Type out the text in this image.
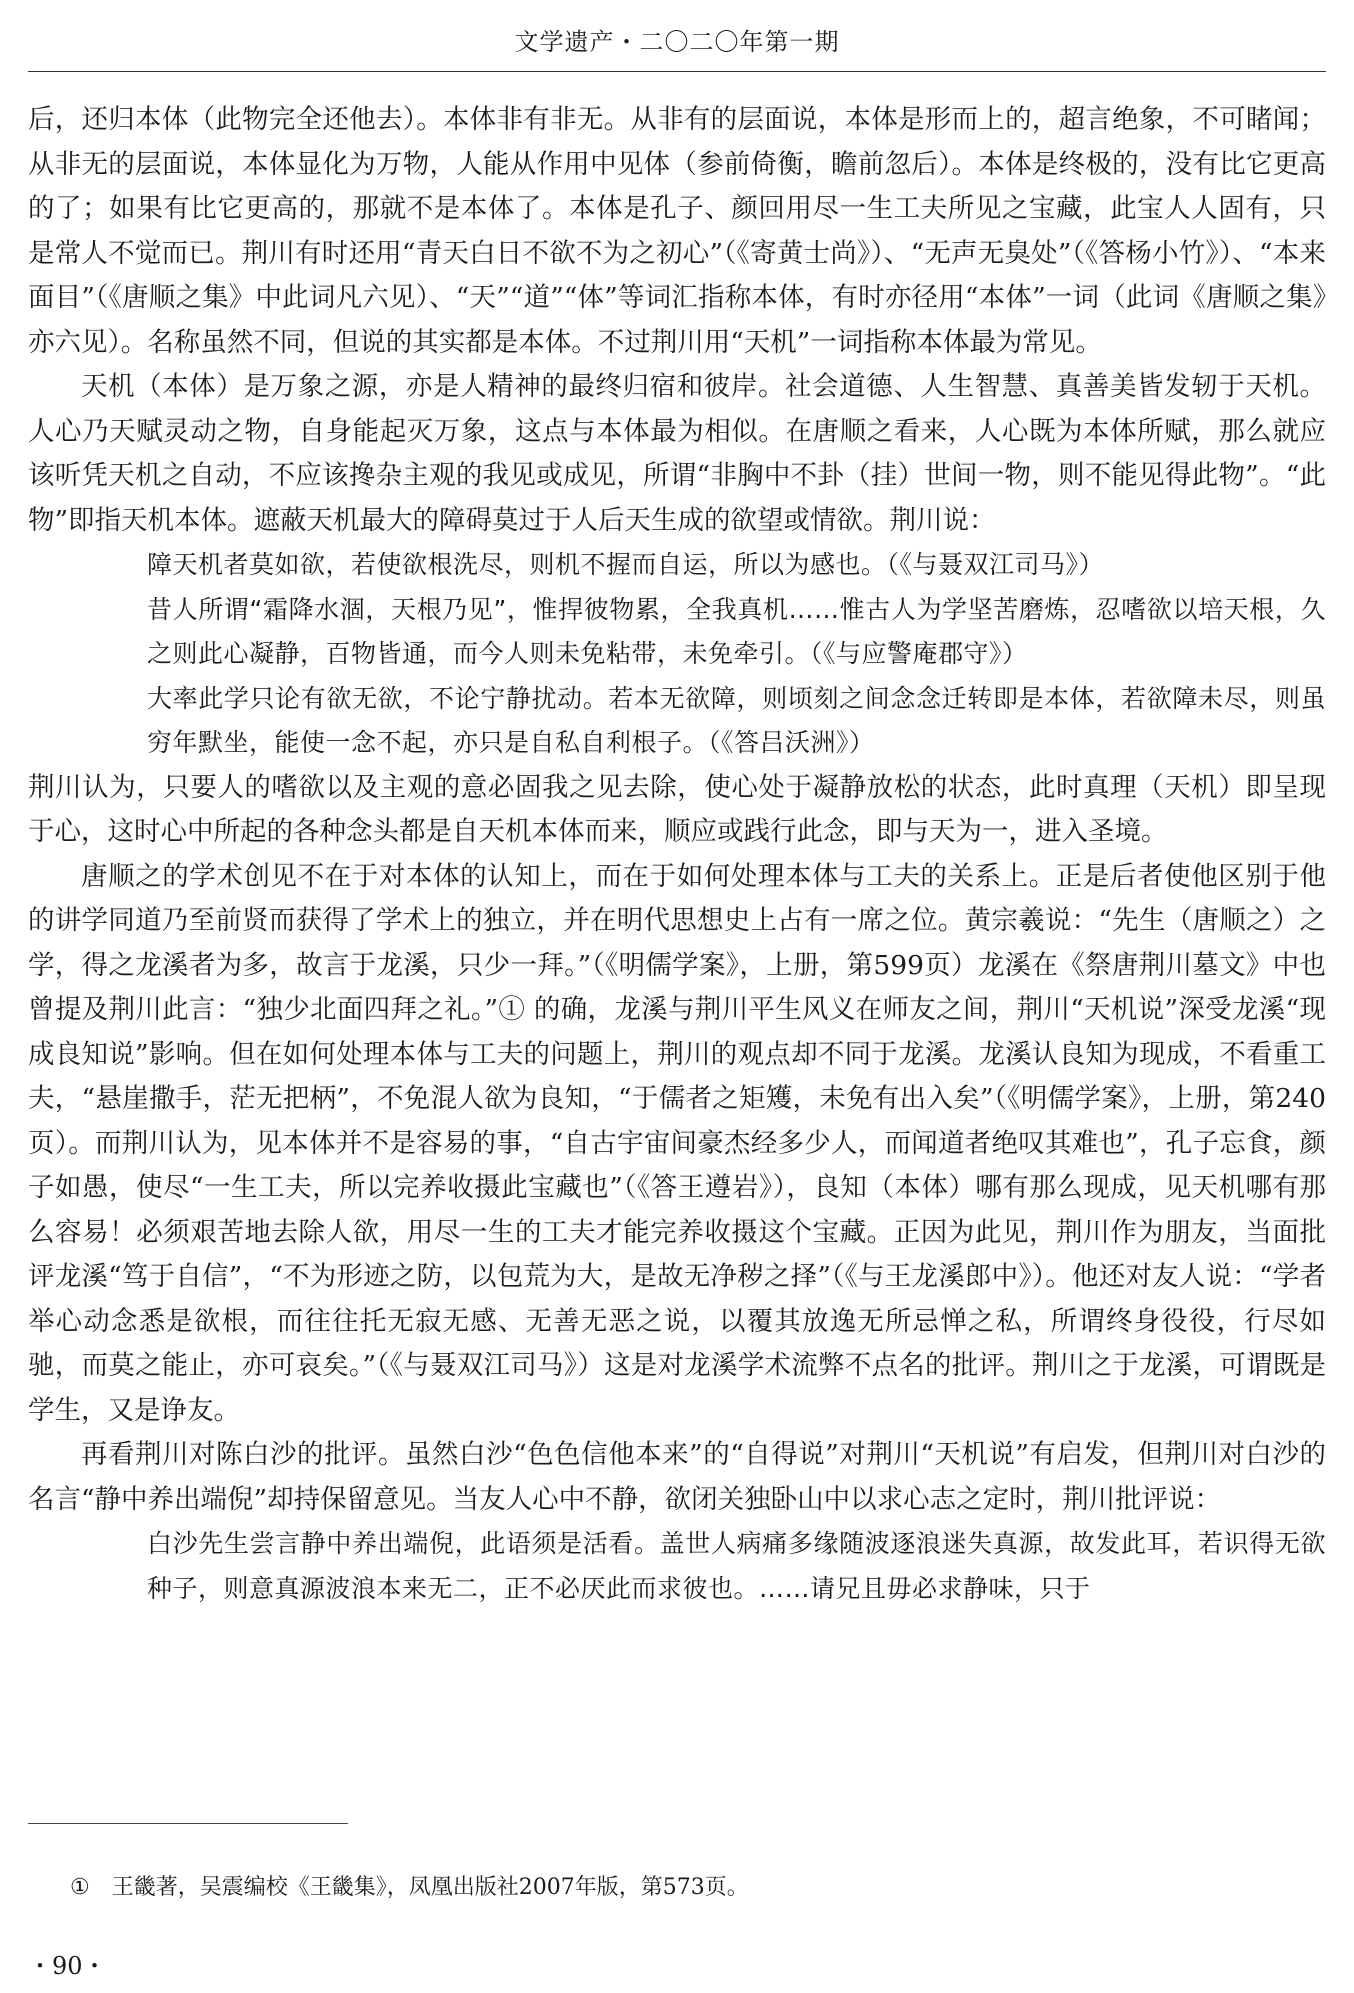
文学遗产・二〇二〇年第一期

后，还归本体（此物完全还他去）。本体非有非无。从非有的层面说，本体是形而上的，超言绝象，不可睹闻；从非无的层面说，本体显化为万物，人能从作用中见体（参前倚衡，瞻前忽后）。本体是终极的，没有比它更高的了；如果有比它更高的，那就不是本体了。本体是孔子、颜回用尽一生工夫所见之宝藏，此宝人人固有，只是常人不觉而已。荆川有时还用“青天白日不欲不为之初心”（《寄黄士尚》）、“无声无臭处”（《答杨小竹》）、“本来面目”（《唐顺之集》中此词凡六见）、“天”“道”“体”等词汇指称本体，有时亦径用“本体”一词（此词《唐顺之集》亦六见）。名称虽然不同，但说的其实都是本体。不过荆川用“天机”一词指称本体最为常见。

天机（本体）是万象之源，亦是人精神的最终归宿和彼岸。社会道德、人生智慧、真善美皆发轫于天机。人心乃天赋灵动之物，自身能起灭万象，这点与本体最为相似。在唐顺之看来，人心既为本体所赋，那么就应该听凭天机之自动，不应该搀杂主观的我见或成见，所谓“非胸中不卦（挂）世间一物，则不能见得此物”。“此物”即指天机本体。遮蔽天机最大的障碍莫过于人后天生成的欲望或情欲。荆川说：

障天机者莫如欲，若使欲根洗尽，则机不握而自运，所以为感也。（《与聂双江司马》）

昔人所谓“霜降水涸，天根乃见”，惟捍彼物累，全我真机……惟古人为学坚苦磨炼，忍嗜欲以培天根，久之则此心凝静，百物皆通，而今人则未免粘带，未免牵引。（《与应警庵郡守》）

大率此学只论有欲无欲，不论宁静扰动。若本无欲障，则顷刻之间念念迁转即是本体，若欲障未尽，则虽穷年默坐，能使一念不起，亦只是自私自利根子。（《答吕沃洲》）

荆川认为，只要人的嗜欲以及主观的意必固我之见去除，使心处于凝静放松的状态，此时真理（天机）即呈现于心，这时心中所起的各种念头都是自天机本体而来，顺应或践行此念，即与天为一，进入圣境。

唐顺之的学术创见不在于对本体的认知上，而在于如何处理本体与工夫的关系上。正是后者使他区别于他的讲学同道乃至前贤而获得了学术上的独立，并在明代思想史上占有一席之位。黄宗羲说：“先生（唐顺之）之学，得之龙溪者为多，故言于龙溪，只少一拜。”（《明儒学案》，上册，第599页）龙溪在《祭唐荆川墓文》中也曾提及荆川此言：“独少北面四拜之礼。”① 的确，龙溪与荆川平生风义在师友之间，荆川“天机说”深受龙溪“现成良知说”影响。但在如何处理本体与工夫的问题上，荆川的观点却不同于龙溪。龙溪认良知为现成，不看重工夫，“悬崖撒手，茫无把柄”，不免混人欲为良知，“于儒者之矩矱，未免有出入矣”（《明儒学案》，上册，第240页）。而荆川认为，见本体并不是容易的事，“自古宇宙间豪杰经多少人，而闻道者绝叹其难也”，孔子忘食，颜子如愚，使尽“一生工夫，所以完养收摄此宝藏也”（《答王遵岩》），良知（本体）哪有那么现成，见天机哪有那么容易！必须艰苦地去除人欲，用尽一生的工夫才能完养收摄这个宝藏。正因为此见，荆川作为朋友，当面批评龙溪“笃于自信”，“不为形迹之防，以包荒为大，是故无净秽之择”（《与王龙溪郎中》）。他还对友人说：“学者举心动念悉是欲根，而往往托无寂无感、无善无恶之说，以覆其放逸无所忌惮之私，所谓终身役役，行尽如驰，而莫之能止，亦可哀矣。”（《与聂双江司马》）这是对龙溪学术流弊不点名的批评。荆川之于龙溪，可谓既是学生，又是诤友。

再看荆川对陈白沙的批评。虽然白沙“色色信他本来”的“自得说”对荆川“天机说”有启发，但荆川对白沙的名言“静中养出端倪”却持保留意见。当友人心中不静，欲闭关独卧山中以求心志之定时，荆川批评说：

白沙先生尝言静中养出端倪，此语须是活看。盖世人病痛多缘随波逐浪迷失真源，故发此耳，若识得无欲种子，则意真源波浪本来无二，正不必厌此而求彼也。……请兄且毋必求静味，只于

① 王畿著，吴震编校《王畿集》，凤凰出版社2007年版，第573页。
・90・
